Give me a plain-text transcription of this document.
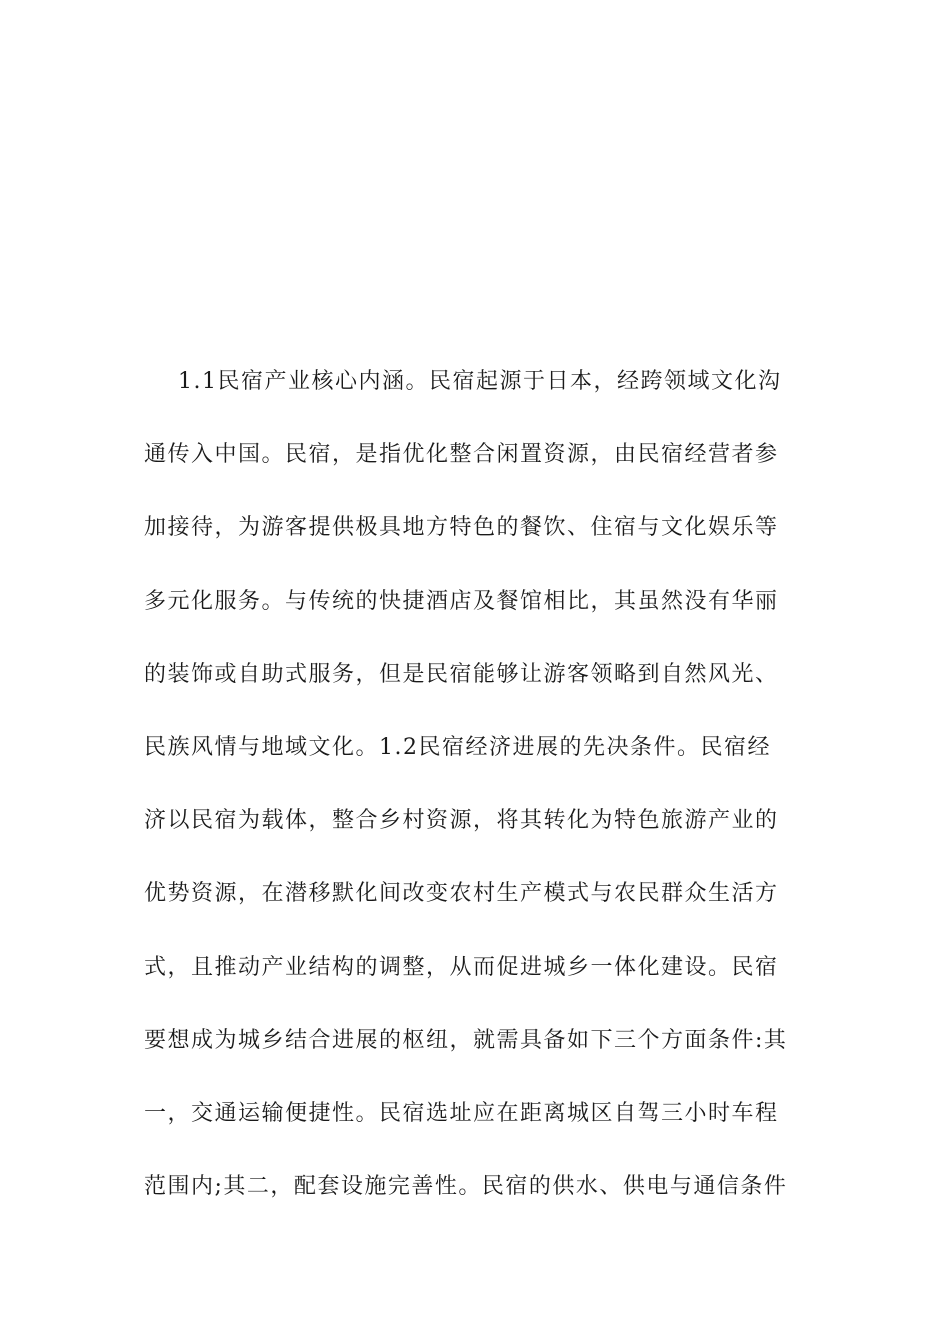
1.1民宿产业核心内涵。民宿起源于日本，经跨领域文化沟
通传入中国。民宿，是指优化整合闲置资源，由民宿经营者参
加接待，为游客提供极具地方特色的餐饮、住宿与文化娱乐等
多元化服务。与传统的快捷酒店及餐馆相比，其虽然没有华丽
的装饰或自助式服务，但是民宿能够让游客领略到自然风光、
民族风情与地域文化。1.2民宿经济进展的先决条件。民宿经
济以民宿为载体，整合乡村资源，将其转化为特色旅游产业的
优势资源，在潜移默化间改变农村生产模式与农民群众生活方
式，且推动产业结构的调整，从而促进城乡一体化建设。民宿
要想成为城乡结合进展的枢纽，就需具备如下三个方面条件:其
一，交通运输便捷性。民宿选址应在距离城区自驾三小时车程
范围内;其二，配套设施完善性。民宿的供水、供电与通信条件
